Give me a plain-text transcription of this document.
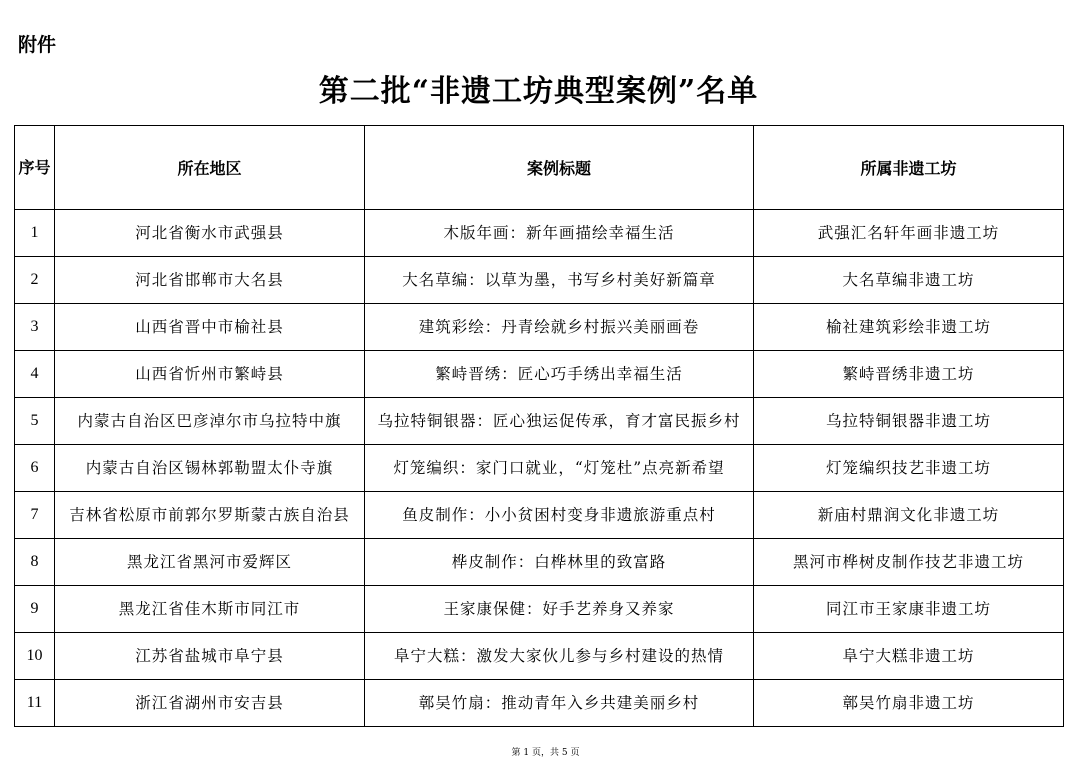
附件
第二批“非遗工坊典型案例”名单
序号	所在地区	案例标题	所属非遗工坊
1	河北省衡水市武强县	木版年画：新年画描绘幸福生活	武强汇名轩年画非遗工坊
2	河北省邯郸市大名县	大名草编：以草为墨，书写乡村美好新篇章	大名草编非遗工坊
3	山西省晋中市榆社县	建筑彩绘：丹青绘就乡村振兴美丽画卷	榆社建筑彩绘非遗工坊
4	山西省忻州市繁峙县	繁峙晋绣：匠心巧手绣出幸福生活	繁峙晋绣非遗工坊
5	内蒙古自治区巴彦淖尔市乌拉特中旗	乌拉特铜银器：匠心独运促传承，育才富民振乡村	乌拉特铜银器非遗工坊
6	内蒙古自治区锡林郭勒盟太仆寺旗	灯笼编织：家门口就业，“灯笼杜”点亮新希望	灯笼编织技艺非遗工坊
7	吉林省松原市前郭尔罗斯蒙古族自治县	鱼皮制作：小小贫困村变身非遗旅游重点村	新庙村鼎润文化非遗工坊
8	黑龙江省黑河市爱辉区	桦皮制作：白桦林里的致富路	黑河市桦树皮制作技艺非遗工坊
9	黑龙江省佳木斯市同江市	王家康保健：好手艺养身又养家	同江市王家康非遗工坊
10	江苏省盐城市阜宁县	阜宁大糕：激发大家伙儿参与乡村建设的热情	阜宁大糕非遗工坊
11	浙江省湖州市安吉县	鄣吴竹扇：推动青年入乡共建美丽乡村	鄣吴竹扇非遗工坊
第 1 页，共 5 页
